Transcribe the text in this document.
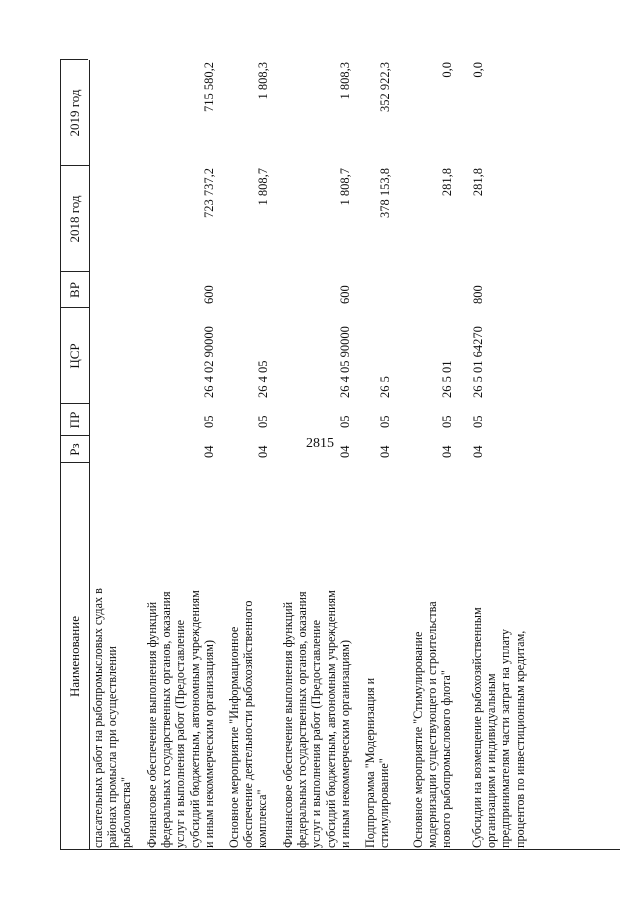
2815
Наименование
Рз
ПР
ЦСР
ВР
2018 год
2019 год
спасательных работ на рыбопромысловых судах в районах промысла при осуществлении рыболовства" Финансовое обеспечение выполнения функций федеральных государственных органов, оказания услуг и выполнения работ (Предоставление субсидий бюджетным, автономным учреждениям и иным некоммерческим организациям)
04
05
26 4 02 90000
600
723 737,2
715 580,2
Основное мероприятие "Информационное обеспечение деятельности рыбохозяйственного комплекса"
04
05
26 4 05
1 808,7
1 808,3
Финансовое обеспечение выполнения функций федеральных государственных органов, оказания услуг и выполнения работ (Предоставление субсидий бюджетным, автономным учреждениям и иным некоммерческим организациям)
04
05
26 4 05 90000
600
1 808,7
1 808,3
Подпрограмма "Модернизация и стимулирование"
04
05
26 5
378 153,8
352 922,3
Основное мероприятие "Стимулирование модернизации существующего и строительства нового рыбопромыслового флота"
04
05
26 5 01
281,8
0,0
Субсидии на возмещение рыбохозяйственным организациям и индивидуальным предпринимателям части затрат на уплату процентов по инвестиционным кредитам,
04
05
26 5 01 64270
800
281,8
0,0
